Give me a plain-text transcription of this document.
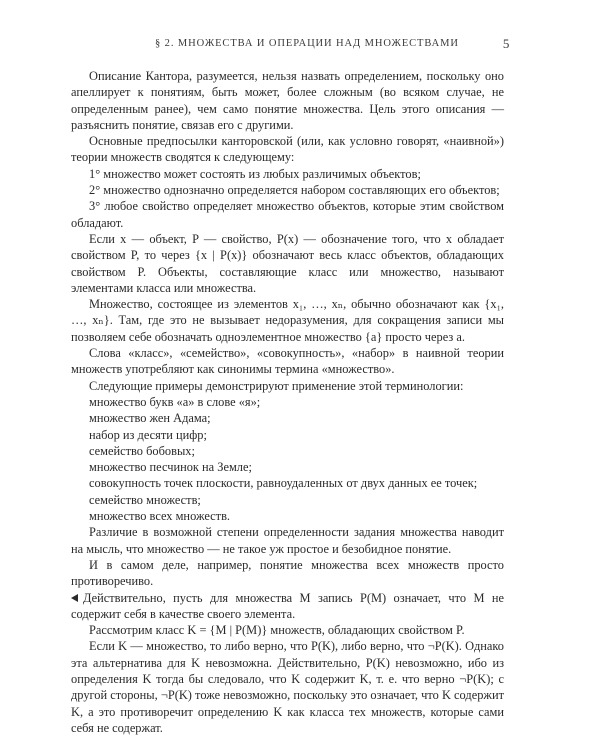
§ 2. МНОЖЕСТВА И ОПЕРАЦИИ НАД МНОЖЕСТВАМИ	5

Описание Кантора, разумеется, нельзя назвать определением, поскольку оно апеллирует к понятиям, быть может, более сложным (во всяком случае, не определенным ранее), чем само понятие множества. Цель этого описания — разъяснить понятие, связав его с другими.

Основные предпосылки канторовской (или, как условно говорят, «наивной») теории множеств сводятся к следующему:

1° множество может состоять из любых различимых объектов;

2° множество однозначно определяется набором составляющих его объектов;

3° любое свойство определяет множество объектов, которые этим свойством обладают.

Если x — объект, P — свойство, P(x) — обозначение того, что x обладает свойством P, то через {x | P(x)} обозначают весь класс объектов, обладающих свойством P. Объекты, составляющие класс или множество, называют элементами класса или множества.

Множество, состоящее из элементов x₁, …, xₙ, обычно обозначают как {x₁, …, xₙ}. Там, где это не вызывает недоразумения, для сокращения записи мы позволяем себе обозначать одноэлементное множество {a} просто через a.

Слова «класс», «семейство», «совокупность», «набор» в наивной теории множеств употребляют как синонимы термина «множество».

Следующие примеры демонстрируют применение этой терминологии:

множество букв «a» в слове «я»;

множество жен Адама;

набор из десяти цифр;

семейство бобовых;

множество песчинок на Земле;

совокупность точек плоскости, равноудаленных от двух данных ее точек;

семейство множеств;

множество всех множеств.

Различие в возможной степени определенности задания множества наводит на мысль, что множество — не такое уж простое и безобидное понятие.

И в самом деле, например, понятие множества всех множеств просто противоречиво.

Действительно, пусть для множества M запись P(M) означает, что M не содержит себя в качестве своего элемента.

Рассмотрим класс K = {M | P(M)} множеств, обладающих свойством P.

Если K — множество, то либо верно, что P(K), либо верно, что ¬P(K). Однако эта альтернатива для K невозможна. Действительно, P(K) невозможно, ибо из определения K тогда бы следовало, что K содержит K, т. е. что верно ¬P(K); с другой стороны, ¬P(K) тоже невозможно, поскольку это означает, что K содержит K, а это противоречит определению K как класса тех множеств, которые сами себя не содержат.
